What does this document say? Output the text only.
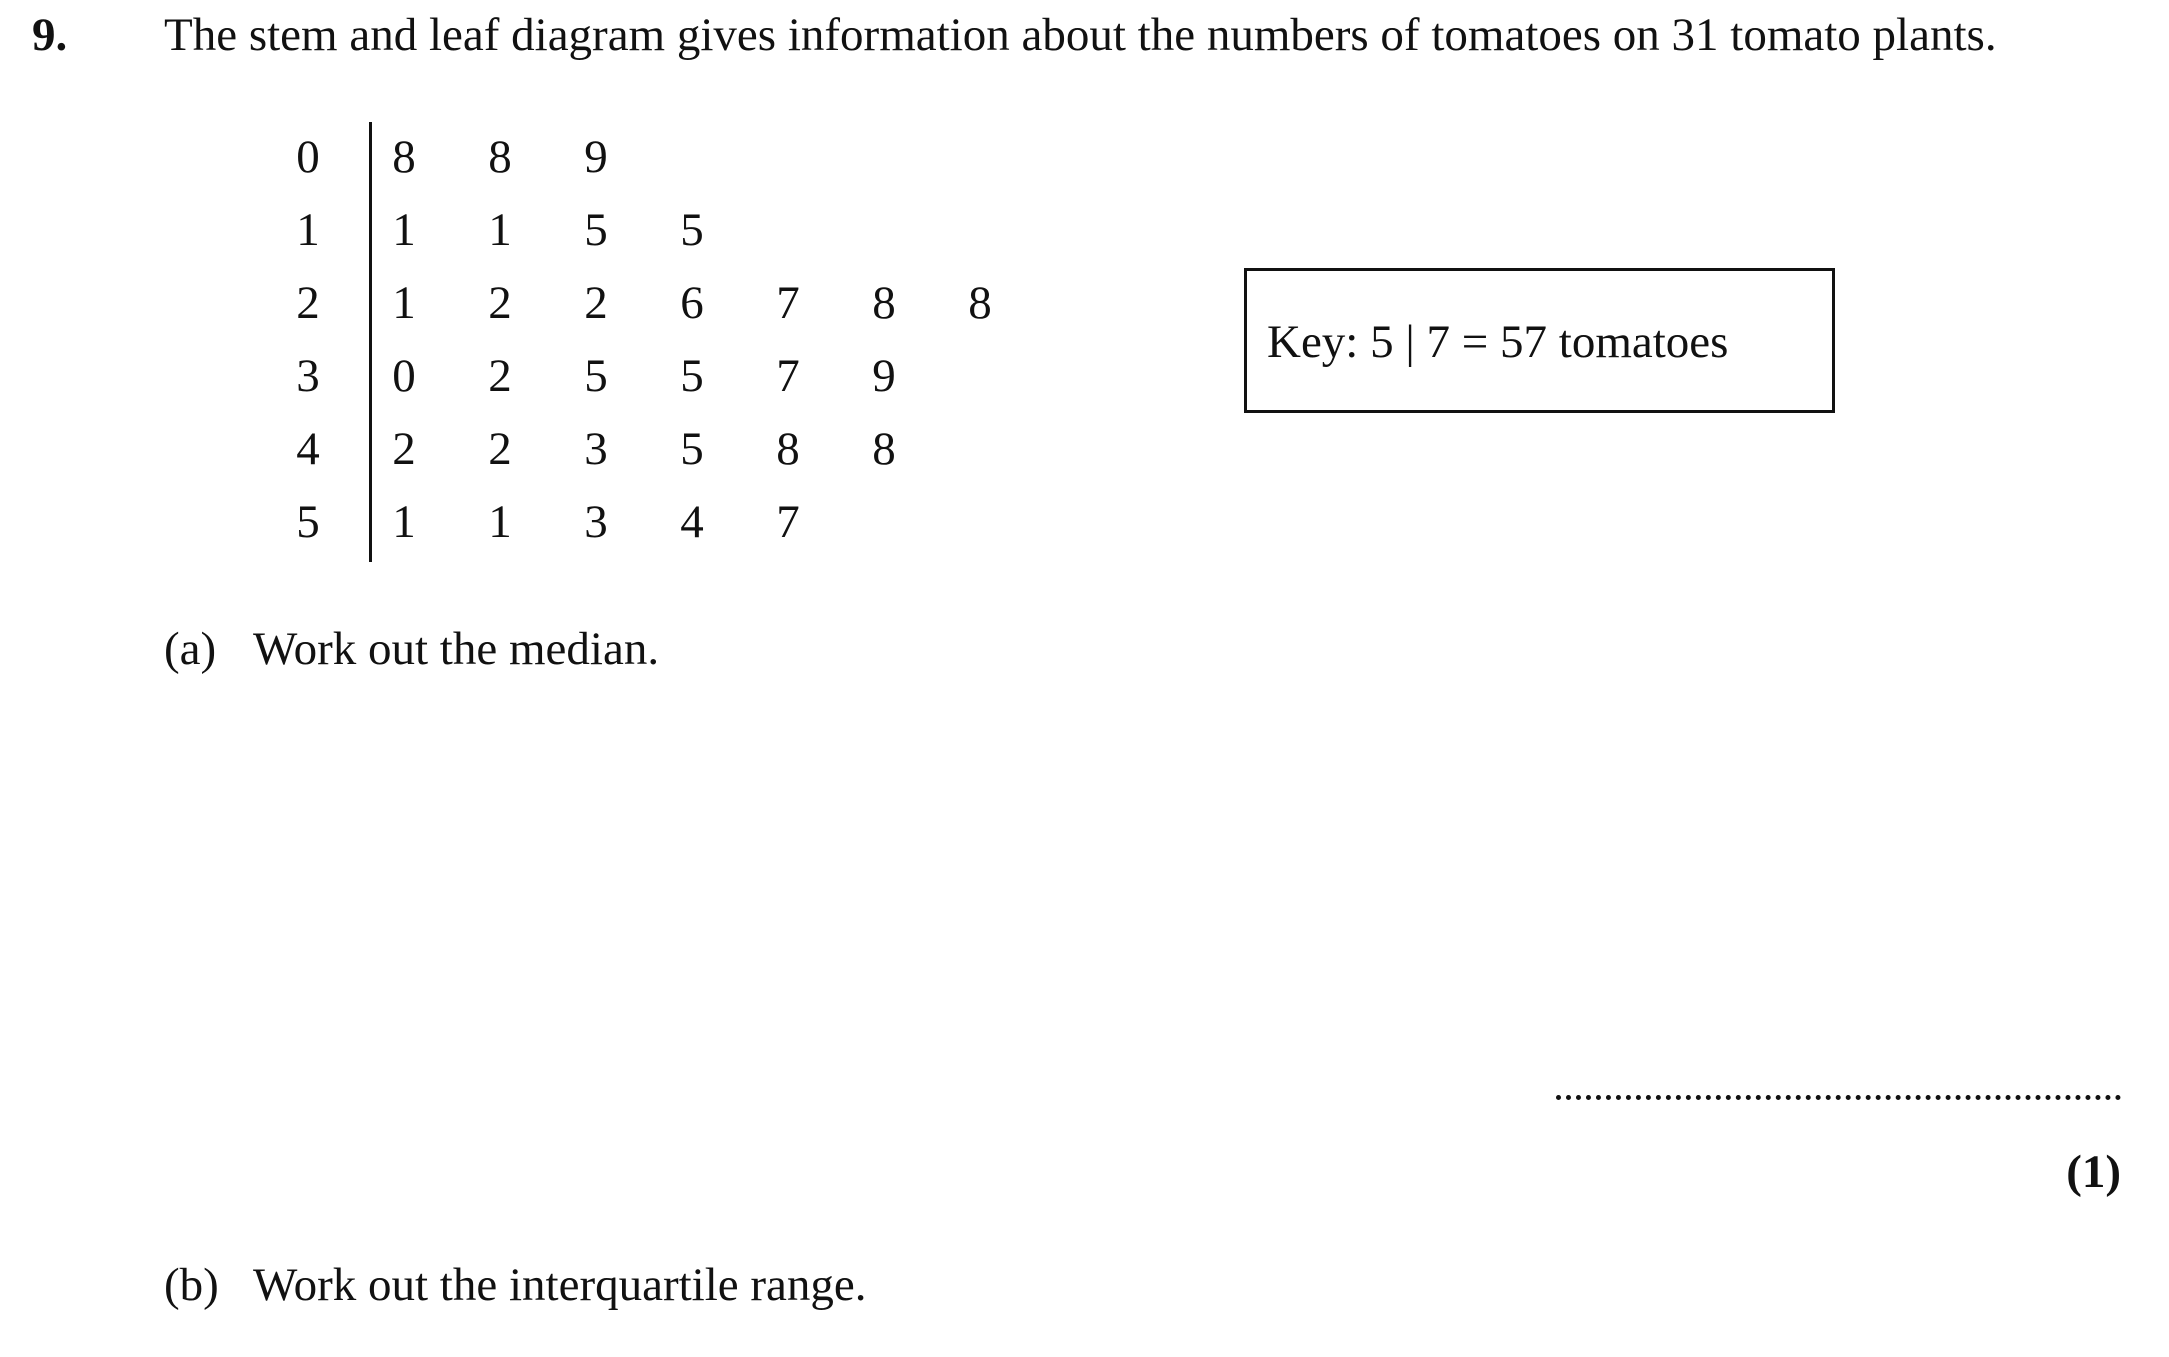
9. The stem and leaf diagram gives information about the numbers of tomatoes on 31 tomato plants.
0	8	8	9
1	1	1	5	5
2	1	2	2	6	7	8	8
3	0	2	5	5	7	9
4	2	2	3	5	8	8
5	1	1	3	4	7
Key: 5 | 7 = 57 tomatoes
(a) Work out the median.
(1)
(b) Work out the interquartile range.
